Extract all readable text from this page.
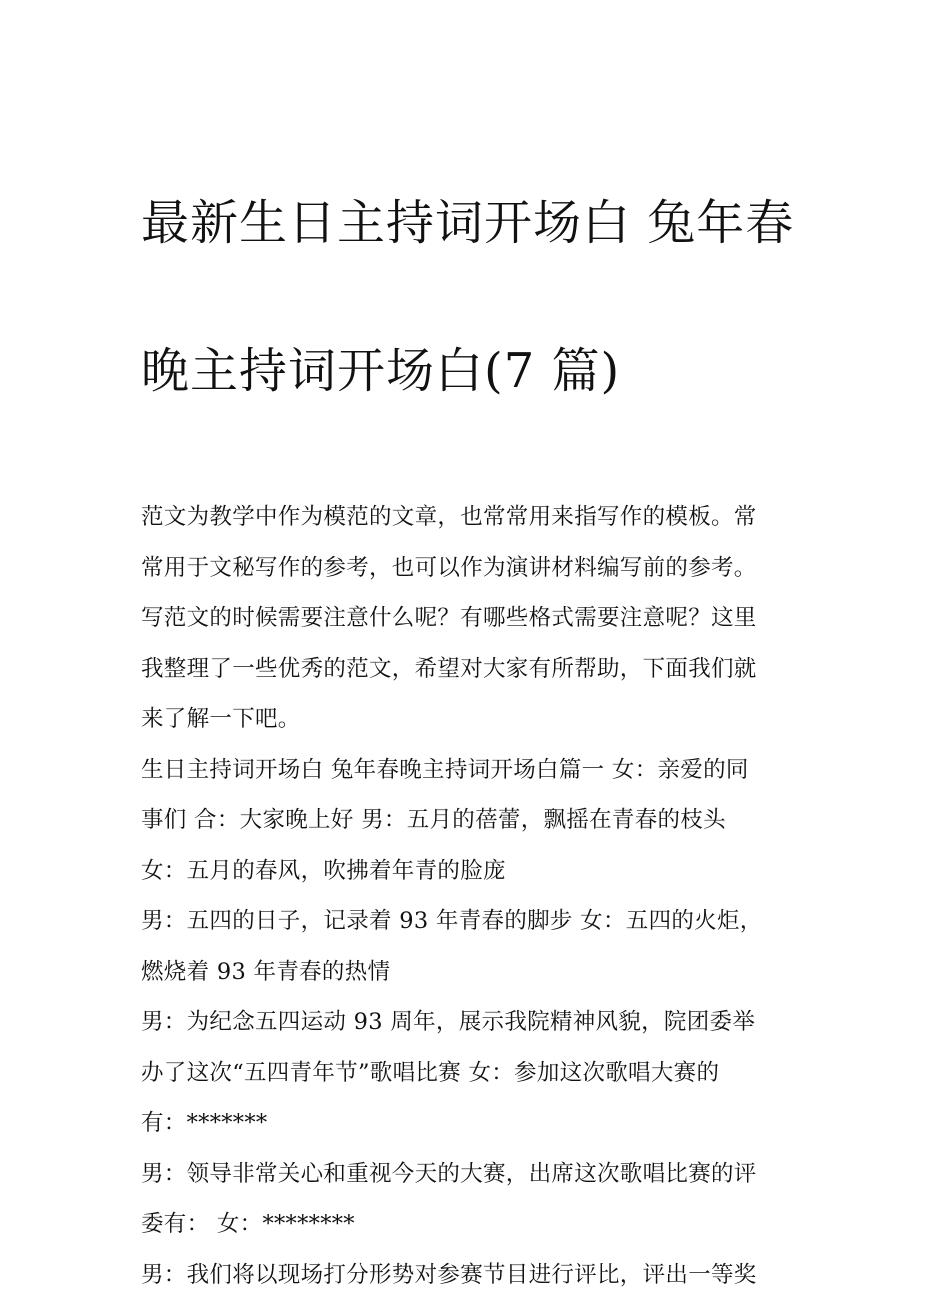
最新生日主持词开场白 兔年春

晚主持词开场白(7 篇)

范文为教学中作为模范的文章，也常常用来指写作的模板。常
常用于文秘写作的参考，也可以作为演讲材料编写前的参考。
写范文的时候需要注意什么呢？有哪些格式需要注意呢？这里
我整理了一些优秀的范文，希望对大家有所帮助，下面我们就
来了解一下吧。

生日主持词开场白 兔年春晚主持词开场白篇一 女：亲爱的同
事们 合：大家晚上好 男：五月的蓓蕾，飘摇在青春的枝头
女：五月的春风，吹拂着年青的脸庞

男：五四的日子，记录着 93 年青春的脚步 女：五四的火炬，
燃烧着 93 年青春的热情

男：为纪念五四运动 93 周年，展示我院精神风貌，院团委举
办了这次“五四青年节”歌唱比赛 女：参加这次歌唱大赛的
有：*******

男：领导非常关心和重视今天的大赛，出席这次歌唱比赛的评
委有： 女：********

男：我们将以现场打分形势对参赛节目进行评比，评出一等奖
